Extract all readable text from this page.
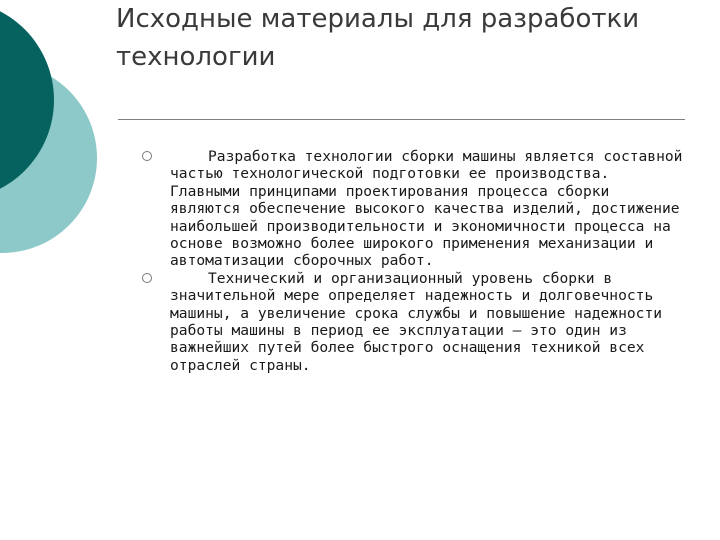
Исходные материалы для разработки технологии
Разработка технологии сборки машины является составной частью технологической подготовки ее производства. Главными принципами проектирования процесса сборки являются обеспечение высокого качества изделий, достижение наибольшей производительности и экономичности процесса на основе возможно более широкого применения механизации и автоматизации сборочных работ.
Технический и организационный уровень сборки в значительной мере определяет надежность и долговечность машины, а увеличение срока службы и повышение надежности работы машины в период ее эксплуатации – это один из важнейших путей более быстрого оснащения техникой всех отраслей страны.
